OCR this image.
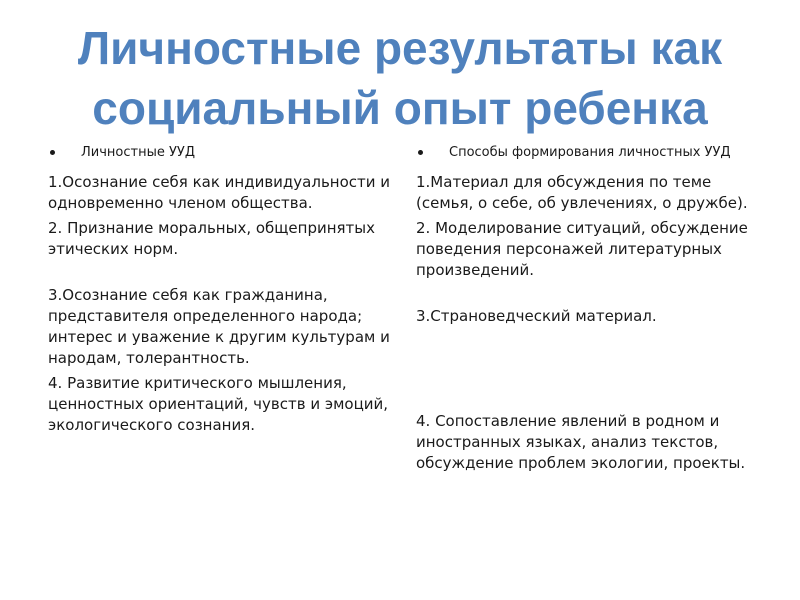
Личностные результаты как
социальный опыт ребенка
Личностные УУД

1.Осознание себя как индивидуальности и одновременно членом общества.

2. Признание моральных, общепринятых этических норм.

3.Осознание себя как гражданина, представителя определенного народа; интерес и уважение к другим культурам и народам, толерантность.

4. Развитие критического мышления, ценностных ориентаций, чувств и эмоций, экологического сознания.

Способы формирования личностных УУД

1.Материал для обсуждения по теме (семья, о себе, об увлечениях, о дружбе).

2. Моделирование ситуаций, обсуждение поведения персонажей литературных произведений.

3.Страноведческий материал.

4. Сопоставление явлений в родном и иностранных языках, анализ текстов, обсуждение проблем экологии, проекты.
